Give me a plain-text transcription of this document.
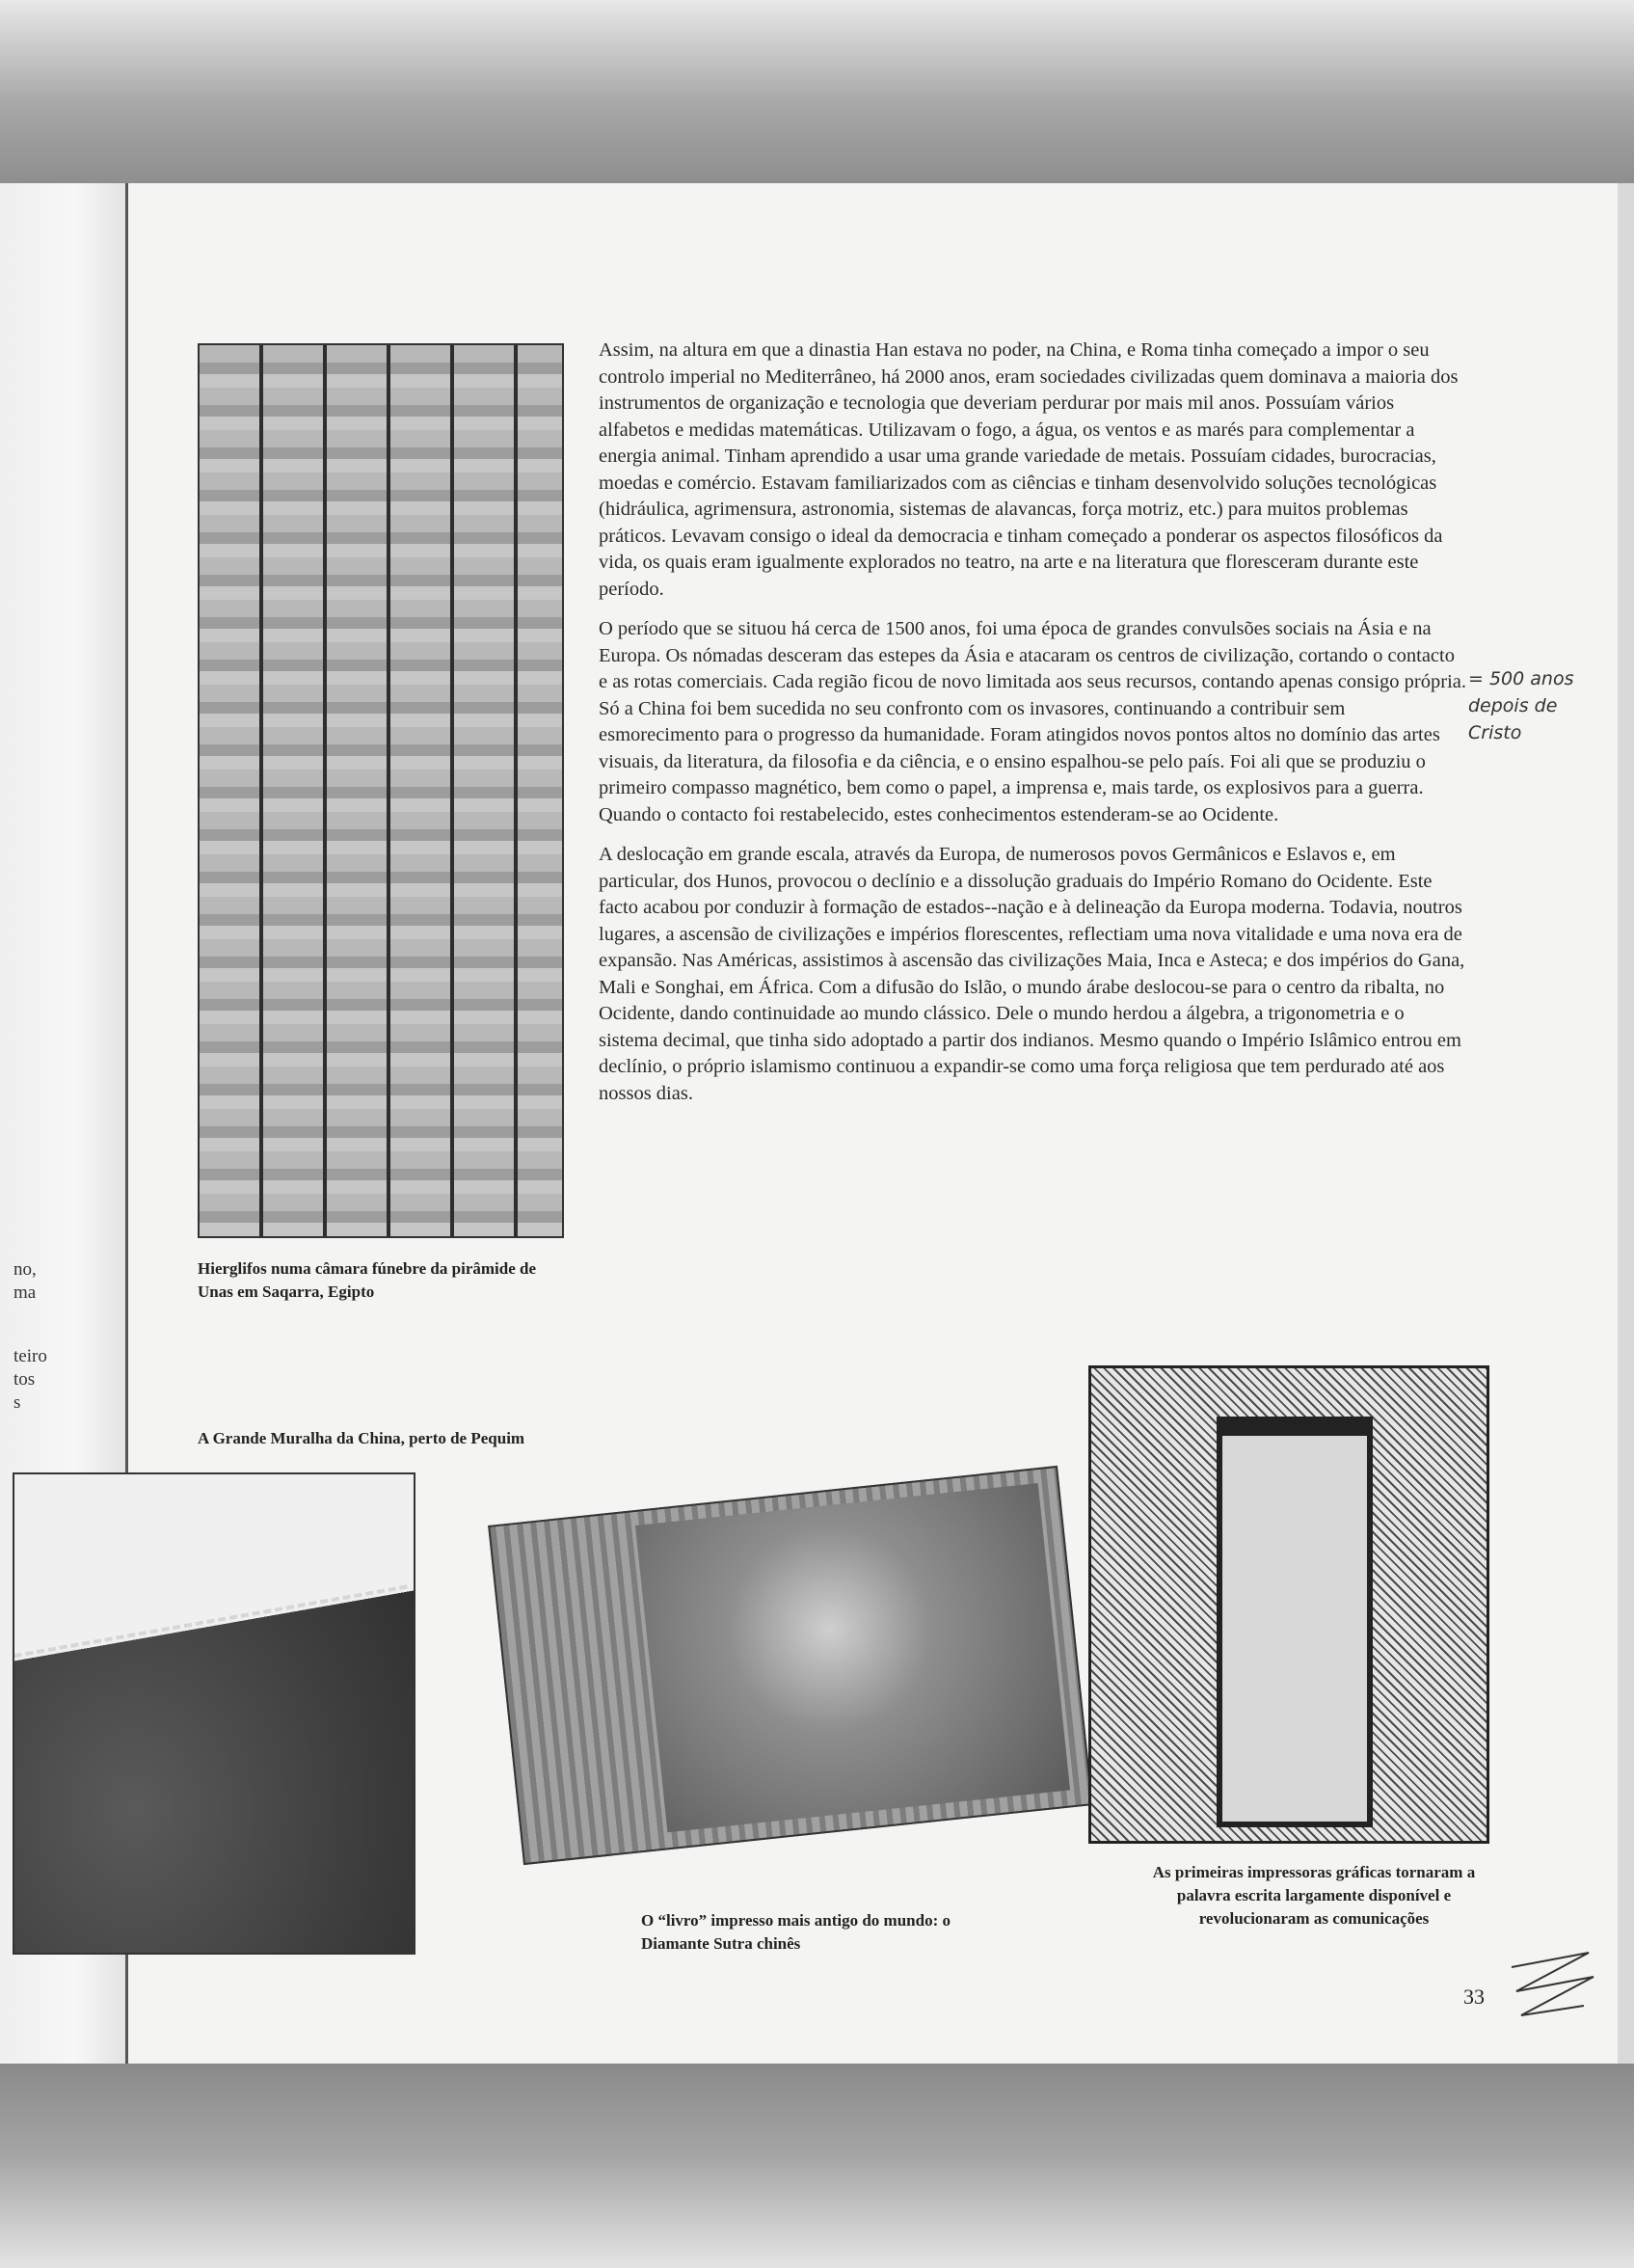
no,
ma
teiro
tos
s
Hierglifos numa câmara fúnebre da pirâmide de Unas em Saqarra, Egipto

Assim, na altura em que a dinastia Han estava no poder, na China, e Roma tinha começado a impor o seu controlo imperial no Mediterrâneo, há 2000 anos, eram sociedades civilizadas quem dominava a maioria dos instrumentos de organização e tecnologia que deveriam perdurar por mais mil anos. Possuíam vários alfabetos e medidas matemáticas. Utilizavam o fogo, a água, os ventos e as marés para complementar a energia animal. Tinham aprendido a usar uma grande variedade de metais. Possuíam cidades, burocracias, moedas e comércio. Estavam familiarizados com as ciências e tinham desenvolvido soluções tecnológicas (hidráulica, agrimensura, astronomia, sistemas de alavancas, força motriz, etc.) para muitos problemas práticos. Levavam consigo o ideal da democracia e tinham começado a ponderar os aspectos filosóficos da vida, os quais eram igualmente explorados no teatro, na arte e na literatura que floresceram durante este período.

O período que se situou há cerca de 1500 anos, foi uma época de grandes convulsões sociais na Ásia e na Europa. Os nómadas desceram das estepes da Ásia e atacaram os centros de civilização, cortando o contacto e as rotas comerciais. Cada região ficou de novo limitada aos seus recursos, contando apenas consigo própria. Só a China foi bem sucedida no seu confronto com os invasores, continuando a contribuir sem esmorecimento para o progresso da humanidade. Foram atingidos novos pontos altos no domínio das artes visuais, da literatura, da filosofia e da ciência, e o ensino espalhou-se pelo país. Foi ali que se produziu o primeiro compasso magnético, bem como o papel, a imprensa e, mais tarde, os explosivos para a guerra. Quando o contacto foi restabelecido, estes conhecimentos estenderam-se ao Ocidente.

A deslocação em grande escala, através da Europa, de numerosos povos Germânicos e Eslavos e, em particular, dos Hunos, provocou o declínio e a dissolução graduais do Império Romano do Ocidente. Este facto acabou por conduzir à formação de estados--nação e à delineação da Europa moderna. Todavia, noutros lugares, a ascensão de civilizações e impérios florescentes, reflectiam uma nova vitalidade e uma nova era de expansão. Nas Américas, assistimos à ascensão das civilizações Maia, Inca e Asteca; e dos impérios do Gana, Mali e Songhai, em África. Com a difusão do Islão, o mundo árabe deslocou-se para o centro da ribalta, no Ocidente, dando continuidade ao mundo clássico. Dele o mundo herdou a álgebra, a trigonometria e o sistema decimal, que tinha sido adoptado a partir dos indianos. Mesmo quando o Império Islâmico entrou em declínio, o próprio islamismo continuou a expandir-se como uma força religiosa que tem perdurado até aos nossos dias.

= 500 anos depois de Cristo
A Grande Muralha da China, perto de Pequim
O “livro” impresso mais antigo do mundo: o Diamante Sutra chinês
As primeiras impressoras gráficas tornaram a palavra escrita largamente disponível e revolucionaram as comunicações
33
